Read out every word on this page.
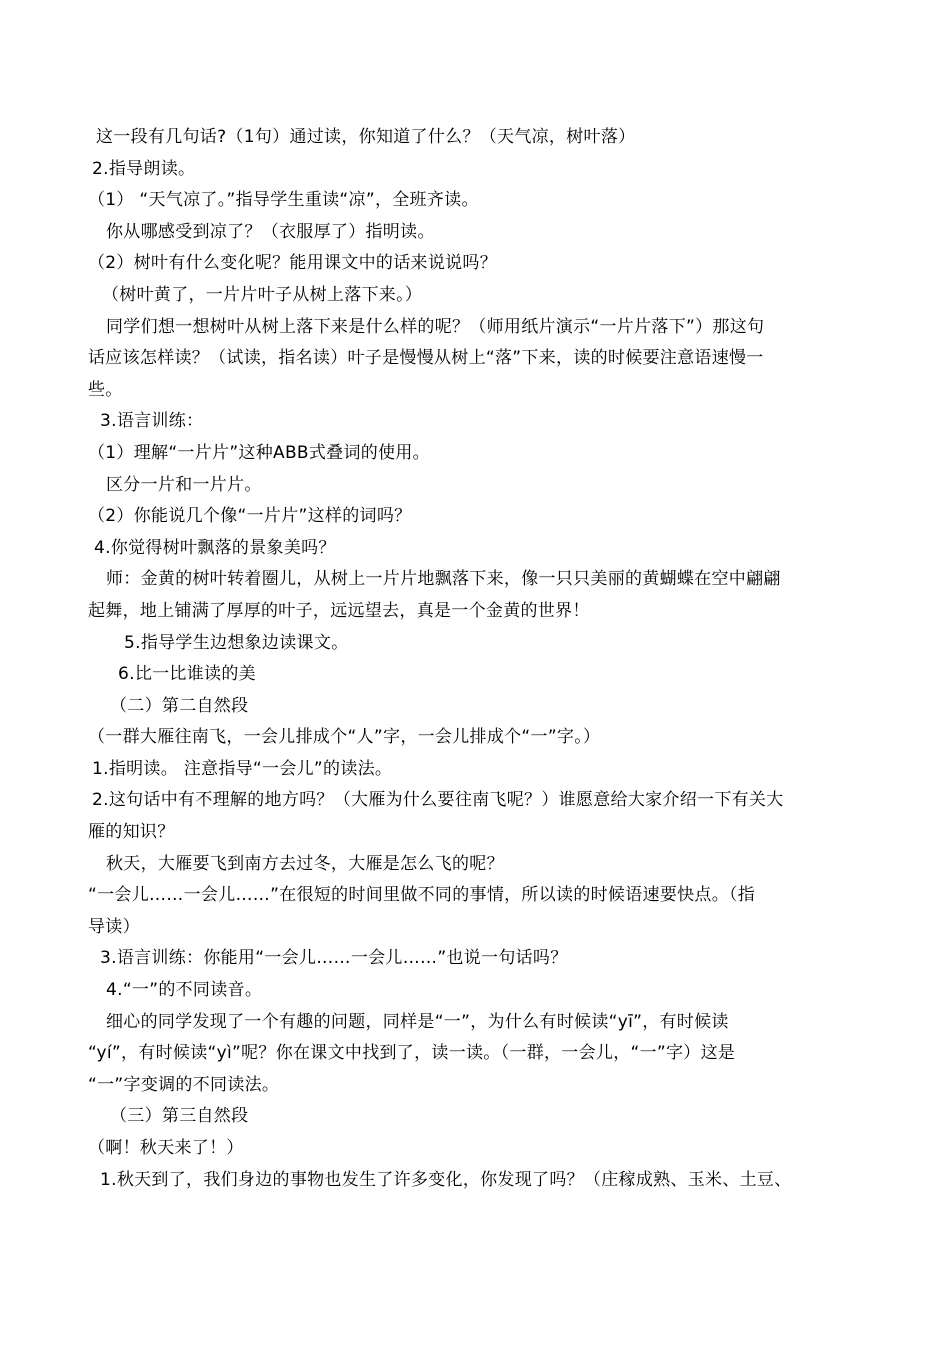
这一段有几句话?（1句）通过读，你知道了什么？（天气凉，树叶落）
2.指导朗读。
（1） “天气凉了。”指导学生重读“凉”，全班齐读。
你从哪感受到凉了？（衣服厚了）指明读。
（2）树叶有什么变化呢？能用课文中的话来说说吗？
（树叶黄了，一片片叶子从树上落下来。）
同学们想一想树叶从树上落下来是什么样的呢？（师用纸片演示“一片片落下”）那这句
话应该怎样读？（试读，指名读）叶子是慢慢从树上“落”下来，读的时候要注意语速慢一
些。
3.语言训练：
（1）理解“一片片”这种ABB式叠词的使用。
区分一片和一片片。
（2）你能说几个像“一片片”这样的词吗？
4.你觉得树叶飘落的景象美吗？
师：金黄的树叶转着圈儿，从树上一片片地飘落下来，像一只只美丽的黄蝴蝶在空中翩翩
起舞，地上铺满了厚厚的叶子，远远望去，真是一个金黄的世界！
5.指导学生边想象边读课文。
6.比一比谁读的美
（二）第二自然段
（一群大雁往南飞，一会儿排成个“人”字，一会儿排成个“一”字。）
1.指明读。 注意指导“一会儿”的读法。
2.这句话中有不理解的地方吗？（大雁为什么要往南飞呢？）谁愿意给大家介绍一下有关大
雁的知识？
秋天，大雁要飞到南方去过冬，大雁是怎么飞的呢？
“一会儿……一会儿……”在很短的时间里做不同的事情，所以读的时候语速要快点。（指
导读）
3.语言训练：你能用“一会儿……一会儿……”也说一句话吗？
4.“一”的不同读音。
细心的同学发现了一个有趣的问题，同样是“一”，为什么有时候读“yī”，有时候读
“yí”，有时候读“yì”呢？你在课文中找到了，读一读。（一群，一会儿，“一”字）这是
“一”字变调的不同读法。
（三）第三自然段
（啊！秋天来了！）
1.秋天到了，我们身边的事物也发生了许多变化，你发现了吗？（庄稼成熟、玉米、土豆、
